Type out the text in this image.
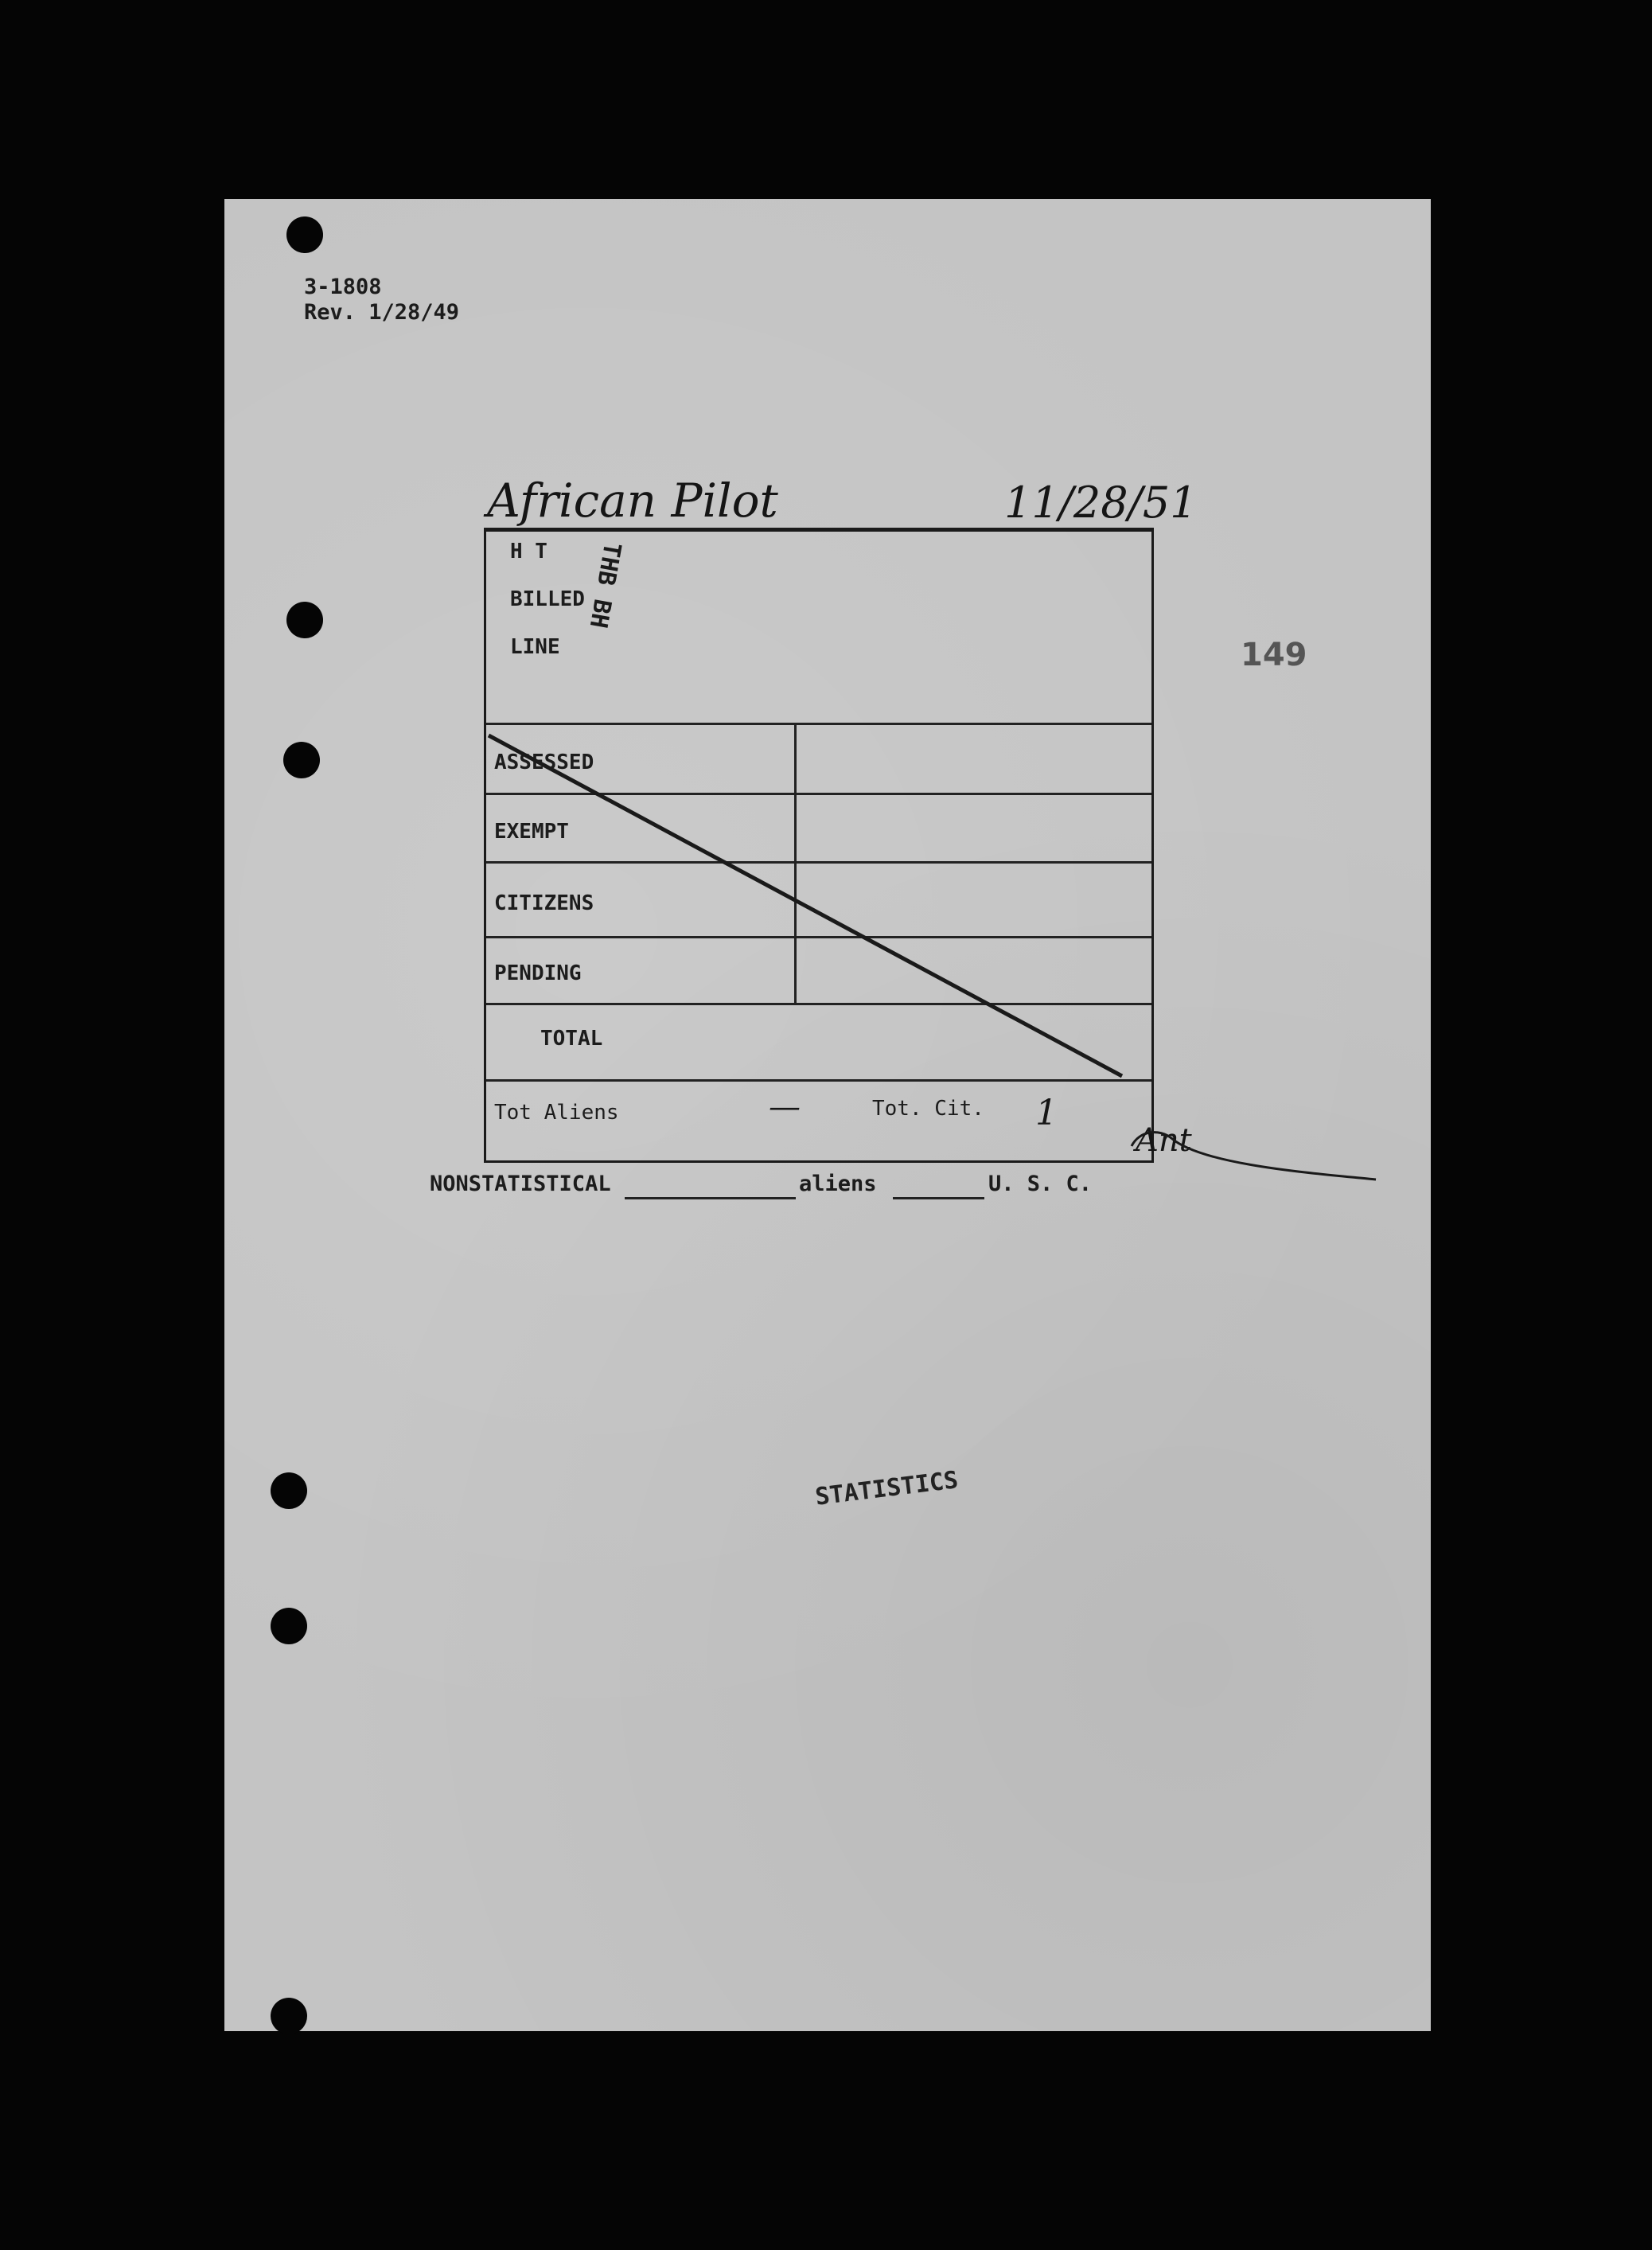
3-1808
Rev. 1/28/49
African Pilot	11/28/51
THB BH
149
H T
BILLED
LINE
ASSESSED
EXEMPT
CITIZENS
PENDING
TOTAL
Tot Aliens	—	Tot. Cit. 1
NONSTATISTICAL	aliens	U. S. C.
Ant
STATISTICS
